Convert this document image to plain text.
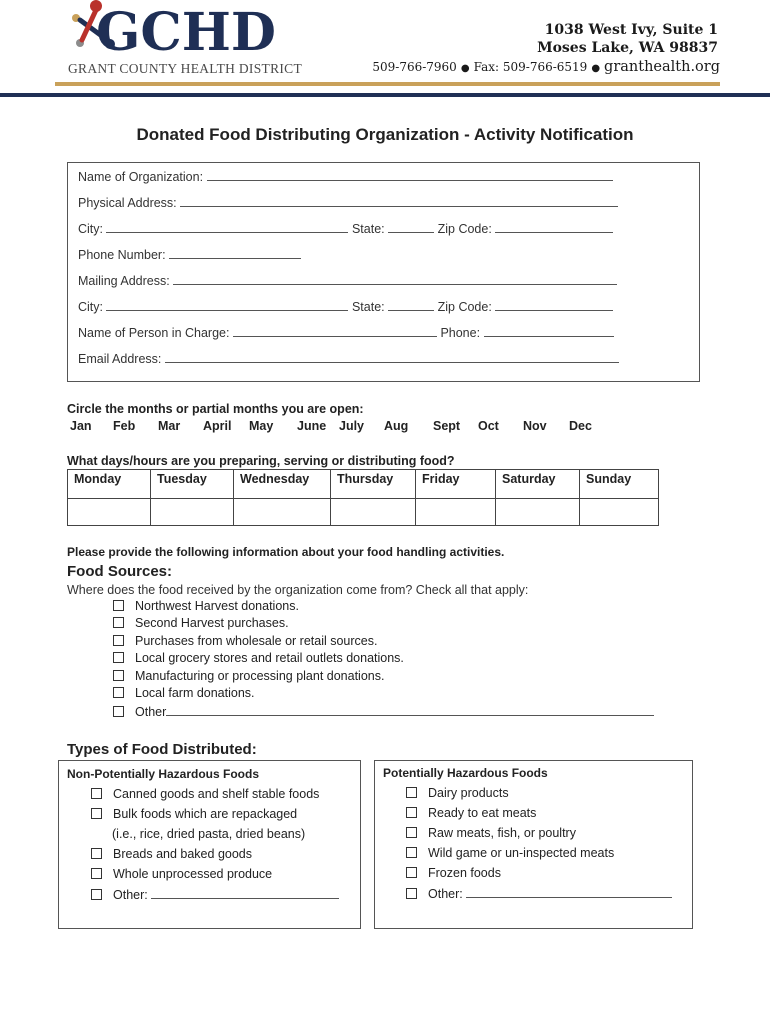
GCHD
GRANT COUNTY HEALTH DISTRICT
1038 West Ivy, Suite 1
Moses Lake, WA 98837
509-766-7960 ● Fax: 509-766-6519 ● granthealth.org
Donated Food Distributing Organization - Activity Notification
Name of Organization:
Physical Address:
City:	State:	Zip Code:
Phone Number:
Mailing Address:
City:	State:	Zip Code:
Name of Person in Charge:	Phone:
Email Address:
Circle the months or partial months you are open:
Jan Feb Mar April May June July Aug Sept Oct Nov Dec
What days/hours are you preparing, serving or distributing food?
Monday	Tuesday	Wednesday	Thursday	Friday	Saturday	Sunday

Please provide the following information about your food handling activities.
Food Sources:
Where does the food received by the organization come from? Check all that apply:
Northwest Harvest donations.
Second Harvest purchases.
Purchases from wholesale or retail sources.
Local grocery stores and retail outlets donations.
Manufacturing or processing plant donations.
Local farm donations.
Other
Types of Food Distributed:
Non-Potentially Hazardous Foods
Canned goods and shelf stable foods
Bulk foods which are repackaged
(i.e., rice, dried pasta, dried beans)
Breads and baked goods
Whole unprocessed produce
Other:
Potentially Hazardous Foods
Dairy products
Ready to eat meats
Raw meats, fish, or poultry
Wild game or un-inspected meats
Frozen foods
Other:
